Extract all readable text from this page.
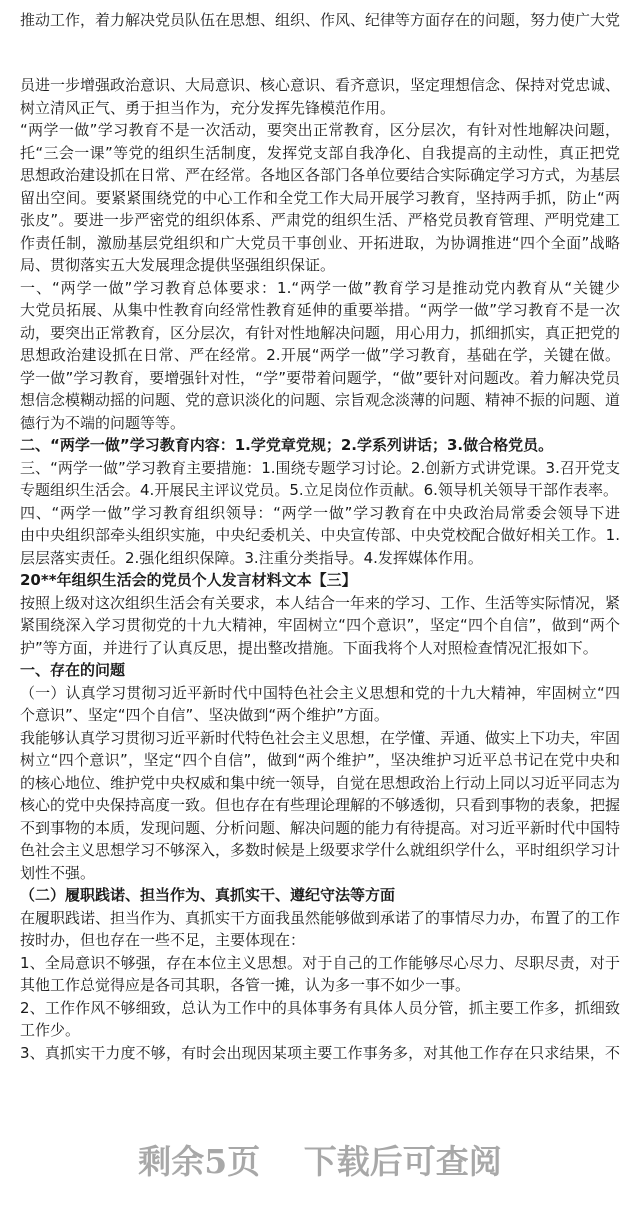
推动工作，着力解决党员队伍在思想、组织、作风、纪律等方面存在的问题，努力使广大党
员进一步增强政治意识、大局意识、核心意识、看齐意识，坚定理想信念、保持对党忠诚、
树立清风正气、勇于担当作为，充分发挥先锋模范作用。
“两学一做”学习教育不是一次活动，要突出正常教育，区分层次，有针对性地解决问题，
托“三会一课”等党的组织生活制度，发挥党支部自我净化、自我提高的主动性，真正把党
思想政治建设抓在日常、严在经常。各地区各部门各单位要结合实际确定学习方式，为基层
留出空间。要紧紧围绕党的中心工作和全党工作大局开展学习教育，坚持两手抓，防止“两
张皮”。要进一步严密党的组织体系、严肃党的组织生活、严格党员教育管理、严明党建工
作责任制，激励基层党组织和广大党员干事创业、开拓进取，为协调推进“四个全面”战略
局、贯彻落实五大发展理念提供坚强组织保证。
一、“两学一做”学习教育总体要求：1.“两学一做”教育学习是推动党内教育从“关键少
大党员拓展、从集中性教育向经常性教育延伸的重要举措。“两学一做”学习教育不是一次
动，要突出正常教育，区分层次，有针对性地解决问题，用心用力，抓细抓实，真正把党的
思想政治建设抓在日常、严在经常。2.开展“两学一做”学习教育，基础在学，关键在做。
学一做”学习教育，要增强针对性，“学”要带着问题学，“做”要针对问题改。着力解决党员
想信念模糊动摇的问题、党的意识淡化的问题、宗旨观念淡薄的问题、精神不振的问题、道
德行为不端的问题等等。
二、“两学一做”学习教育内容：1.学党章党规；2.学系列讲话；3.做合格党员。
三、“两学一做”学习教育主要措施：1.围绕专题学习讨论。2.创新方式讲党课。3.召开党支
专题组织生活会。4.开展民主评议党员。5.立足岗位作贡献。6.领导机关领导干部作表率。
四、“两学一做”学习教育组织领导：“两学一做”学习教育在中央政治局常委会领导下进
由中央组织部牵头组织实施，中央纪委机关、中央宣传部、中央党校配合做好相关工作。1.
层层落实责任。2.强化组织保障。3.注重分类指导。4.发挥媒体作用。
20**年组织生活会的党员个人发言材料文本【三】
按照上级对这次组织生活会有关要求，本人结合一年来的学习、工作、生活等实际情况，紧
紧围绕深入学习贯彻党的十九大精神，牢固树立“四个意识”，坚定“四个自信”，做到“两个
护”等方面，并进行了认真反思，提出整改措施。下面我将个人对照检查情况汇报如下。
一、存在的问题
（一）认真学习贯彻习近平新时代中国特色社会主义思想和党的十九大精神，牢固树立“四
个意识”、坚定“四个自信”、坚决做到“两个维护”方面。
我能够认真学习贯彻习近平新时代特色社会主义思想，在学懂、弄通、做实上下功夫，牢固
树立“四个意识”，坚定“四个自信”，做到“两个维护”，坚决维护习近平总书记在党中央和
的核心地位、维护党中央权威和集中统一领导，自觉在思想政治上行动上同以习近平同志为
核心的党中央保持高度一致。但也存在有些理论理解的不够透彻，只看到事物的表象，把握
不到事物的本质，发现问题、分析问题、解决问题的能力有待提高。对习近平新时代中国特
色社会主义思想学习不够深入，多数时候是上级要求学什么就组织学什么，平时组织学习计
划性不强。
（二）履职践诺、担当作为、真抓实干、遵纪守法等方面
在履职践诺、担当作为、真抓实干方面我虽然能够做到承诺了的事情尽力办，布置了的工作
按时办，但也存在一些不足，主要体现在：
1、全局意识不够强，存在本位主义思想。对于自己的工作能够尽心尽力、尽职尽责，对于
其他工作总觉得应是各司其职，各管一摊，认为多一事不如少一事。
2、工作作风不够细致，总认为工作中的具体事务有具体人员分管，抓主要工作多，抓细致
工作少。
3、真抓实干力度不够，有时会出现因某项主要工作事务多，对其他工作存在只求结果，不
剩余5页 下载后可查阅
